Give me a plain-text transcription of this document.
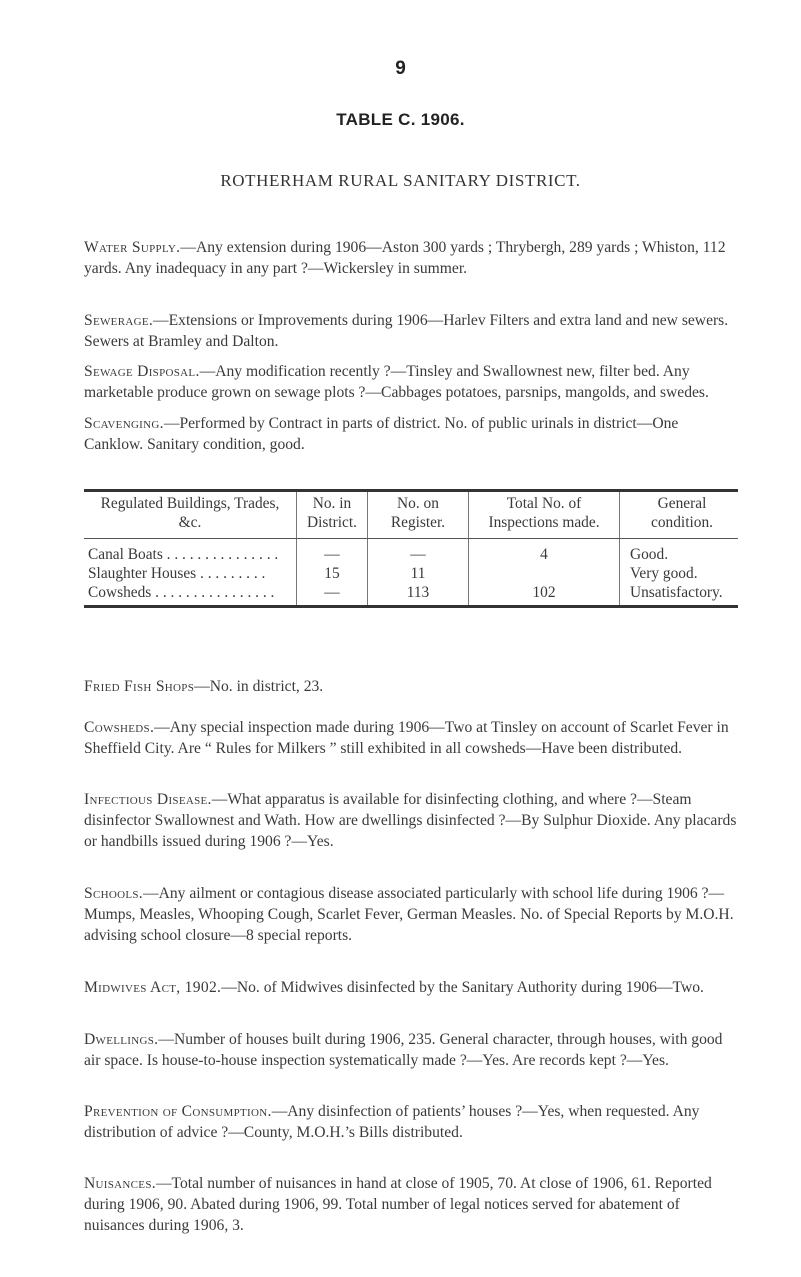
9
TABLE C. 1906.
ROTHERHAM RURAL SANITARY DISTRICT.

Water Supply.—Any extension during 1906—Aston 300 yards ; Thrybergh, 289 yards ; Whiston, 112 yards. Any inadequacy in any part ?—Wickersley in summer.

Sewerage.—Extensions or Improvements during 1906—Harlev Filters and extra land and new sewers. Sewers at Bramley and Dalton.

Sewage Disposal.—Any modification recently ?—Tinsley and Swallownest new, filter bed. Any marketable produce grown on sewage plots ?—Cabbages potatoes, parsnips, mangolds, and swedes.

Scavenging.—Performed by Contract in parts of district. No. of public urinals in district—One Canklow. Sanitary condition, good.

Regulated Buildings, Trades, &c.	No. in District.	No. on Register.	Total No. of Inspections made.	General condition.
Canal Boats . . . . . . . . . . . . . . .	—	—	4	Good.
Slaughter Houses . . . . . . . . .	15	11		Very good.
Cowsheds . . . . . . . . . . . . . . . .	—	113	102	Unsatisfactory.

Fried Fish Shops—No. in district, 23.

Cowsheds.—Any special inspection made during 1906—Two at Tinsley on account of Scarlet Fever in Sheffield City. Are “ Rules for Milkers ” still exhibited in all cowsheds—Have been distributed.

Infectious Disease.—What apparatus is available for disinfecting clothing, and where ?—Steam disinfector Swallownest and Wath. How are dwellings disinfected ?—By Sulphur Dioxide. Any placards or handbills issued during 1906 ?—Yes.

Schools.—Any ailment or contagious disease associated particularly with school life during 1906 ?—Mumps, Measles, Whooping Cough, Scarlet Fever, German Measles. No. of Special Reports by M.O.H. advising school closure—8 special reports.

Midwives Act, 1902.—No. of Midwives disinfected by the Sanitary Authority during 1906—Two.

Dwellings.—Number of houses built during 1906, 235. General character, through houses, with good air space. Is house-to-house inspection systematically made ?—Yes. Are records kept ?—Yes.

Prevention of Consumption.—Any disinfection of patients’ houses ?—Yes, when requested. Any distribution of advice ?—County, M.O.H.’s Bills distributed.

Nuisances.—Total number of nuisances in hand at close of 1905, 70. At close of 1906, 61. Reported during 1906, 90. Abated during 1906, 99. Total number of legal notices served for abatement of nuisances during 1906, 3.
